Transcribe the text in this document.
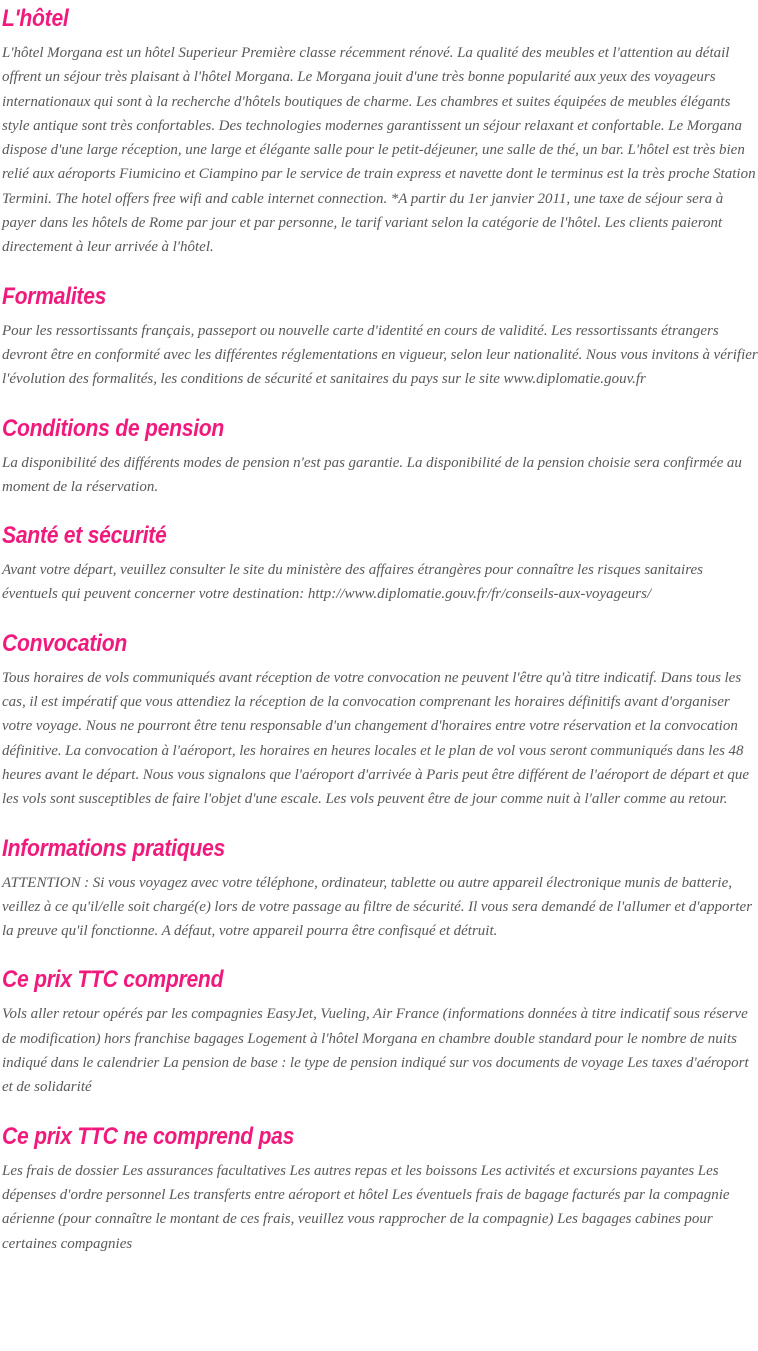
L'hôtel

L'hôtel Morgana est un hôtel Superieur Première classe récemment rénové. La qualité des meubles et l'attention au détail offrent un séjour très plaisant à l'hôtel Morgana. Le Morgana jouit d'une très bonne popularité aux yeux des voyageurs internationaux qui sont à la recherche d'hôtels boutiques de charme. Les chambres et suites équipées de meubles élégants style antique sont très confortables. Des technologies modernes garantissent un séjour relaxant et confortable. Le Morgana dispose d'une large réception, une large et élégante salle pour le petit-déjeuner, une salle de thé, un bar. L'hôtel est très bien relié aux aéroports Fiumicino et Ciampino par le service de train express et navette dont le terminus est la très proche Station Termini. The hotel offers free wifi and cable internet connection. *A partir du 1er janvier 2011, une taxe de séjour sera à payer dans les hôtels de Rome par jour et par personne, le tarif variant selon la catégorie de l'hôtel. Les clients paieront directement à leur arrivée à l'hôtel.

Formalites

Pour les ressortissants français, passeport ou nouvelle carte d'identité en cours de validité. Les ressortissants étrangers devront être en conformité avec les différentes réglementations en vigueur, selon leur nationalité. Nous vous invitons à vérifier l'évolution des formalités, les conditions de sécurité et sanitaires du pays sur le site www.diplomatie.gouv.fr

Conditions de pension

La disponibilité des différents modes de pension n'est pas garantie. La disponibilité de la pension choisie sera confirmée au moment de la réservation.

Santé et sécurité

Avant votre départ, veuillez consulter le site du ministère des affaires étrangères pour connaître les risques sanitaires éventuels qui peuvent concerner votre destination: http://www.diplomatie.gouv.fr/fr/conseils-aux-voyageurs/

Convocation

Tous horaires de vols communiqués avant réception de votre convocation ne peuvent l'être qu'à titre indicatif. Dans tous les cas, il est impératif que vous attendiez la réception de la convocation comprenant les horaires définitifs avant d'organiser votre voyage. Nous ne pourront être tenu responsable d'un changement d'horaires entre votre réservation et la convocation définitive. La convocation à l'aéroport, les horaires en heures locales et le plan de vol vous seront communiqués dans les 48 heures avant le départ. Nous vous signalons que l'aéroport d'arrivée à Paris peut être différent de l'aéroport de départ et que les vols sont susceptibles de faire l'objet d'une escale. Les vols peuvent être de jour comme nuit à l'aller comme au retour.

Informations pratiques

ATTENTION : Si vous voyagez avec votre téléphone, ordinateur, tablette ou autre appareil électronique munis de batterie, veillez à ce qu'il/elle soit chargé(e) lors de votre passage au filtre de sécurité. Il vous sera demandé de l'allumer et d'apporter la preuve qu'il fonctionne. A défaut, votre appareil pourra être confisqué et détruit.

Ce prix TTC comprend

Vols aller retour opérés par les compagnies EasyJet, Vueling, Air France (informations données à titre indicatif sous réserve de modification) hors franchise bagages Logement à l'hôtel Morgana en chambre double standard pour le nombre de nuits indiqué dans le calendrier La pension de base : le type de pension indiqué sur vos documents de voyage Les taxes d'aéroport et de solidarité

Ce prix TTC ne comprend pas

Les frais de dossier Les assurances facultatives Les autres repas et les boissons Les activités et excursions payantes Les dépenses d'ordre personnel Les transferts entre aéroport et hôtel Les éventuels frais de bagage facturés par la compagnie aérienne (pour connaître le montant de ces frais, veuillez vous rapprocher de la compagnie) Les bagages cabines pour certaines compagnies
